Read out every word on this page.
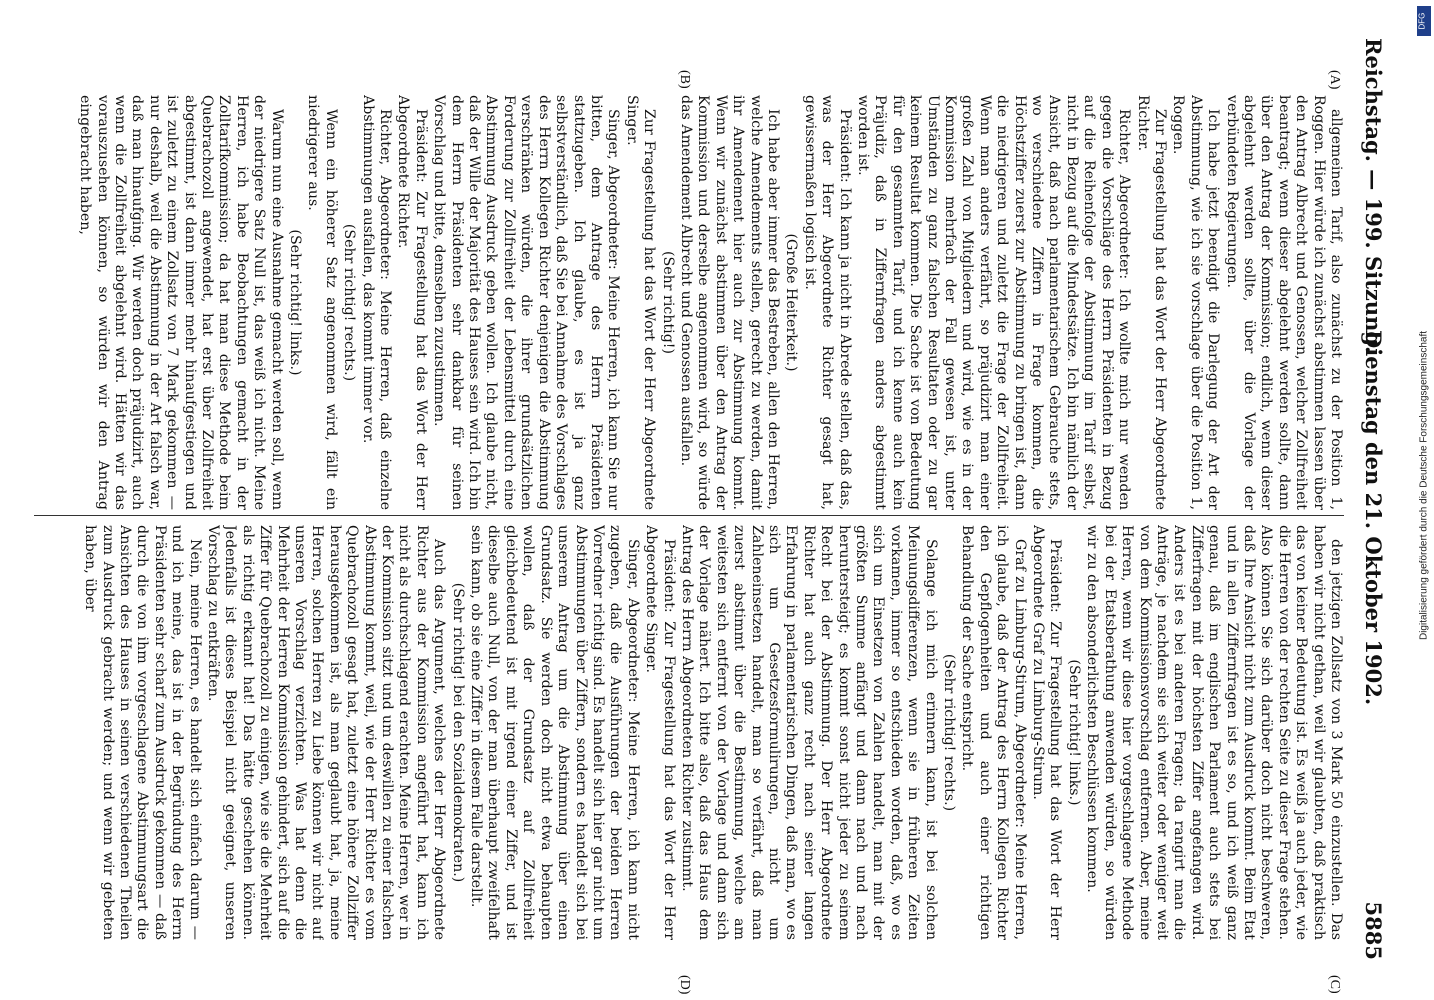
Reichstag. — 199. Sitzung.
Dienstag den 21. Oktober 1902.
5885
(A)
(B)
(C)
(D)

allgemeinen Tarif, also zunächst zu der Position 1, Roggen. Hier würde ich zunächst abstimmen lassen über den Antrag Albrecht und Genossen, welcher Zollfreiheit beantragt; wenn dieser abgelehnt werden sollte, dann über den Antrag der Kommission; endlich, wenn dieser abgelehnt werden sollte, über die Vorlage der verbündeten Regierungen.

Ich habe jetzt beendigt die Darlegung der Art der Abstimmung, wie ich sie vorschlage über die Position 1, Roggen.

Zur Fragestellung hat das Wort der Herr Abgeordnete Richter.

Richter, Abgeordneter: Ich wollte mich nur wenden gegen die Vorschläge des Herrn Präsidenten in Bezug auf die Reihenfolge der Abstimmung im Tarif selbst, nicht in Bezug auf die Mindestsätze. Ich bin nämlich der Ansicht, daß nach parlamentarischem Gebrauche stets, wo verschiedene Ziffern in Frage kommen, die Höchstziffer zuerst zur Abstimmung zu bringen ist, dann die niedrigeren und zuletzt die Frage der Zollfreiheit. Wenn man anders verfährt, so präjudizirt man einer großen Zahl von Mitgliedern und wird, wie es in der Kommission mehrfach der Fall gewesen ist, unter Umständen zu ganz falschen Resultaten oder zu gar keinem Resultat kommen. Die Sache ist von Bedeutung für den gesammten Tarif, und ich kenne auch kein Präjudiz, daß in Ziffernfragen anders abgestimmt worden ist.

Präsident: Ich kann ja nicht in Abrede stellen, daß das, was der Herr Abgeordnete Richter gesagt hat, gewissermaßen logisch ist.

(Große Heiterkeit.)

Ich habe aber immer das Bestreben, allen den Herren, welche Amendements stellen, gerecht zu werden, damit ihr Amendement hier auch zur Abstimmung kommt. Wenn wir zunächst abstimmen über den Antrag der Kommission und derselbe angenommen wird, so würde das Amendement Albrecht und Genossen ausfallen.

(Sehr richtig!)

Zur Fragestellung hat das Wort der Herr Abgeordnete Singer.

Singer, Abgeordneter: Meine Herren, ich kann Sie nur bitten, dem Antrage des Herrn Präsidenten stattzugeben. Ich glaube, es ist ja ganz selbstverständlich, daß Sie bei Annahme des Vorschlages des Herrn Kollegen Richter denjenigen die Abstimmung verschränken würden, die ihrer grundsätzlichen Forderung zur Zollfreiheit der Lebensmittel durch eine Abstimmung Ausdruck geben wollen. Ich glaube nicht, daß der Wille der Majorität des Hauses sein wird. Ich bin dem Herrn Präsidenten sehr dankbar für seinen Vorschlag und bitte, demselben zuzustimmen.

Präsident: Zur Fragestellung hat das Wort der Herr Abgeordnete Richter.

Richter, Abgeordneter: Meine Herren, daß einzelne Abstimmungen ausfallen, das kommt immer vor.

(Sehr richtig! rechts.)

Wenn ein höherer Satz angenommen wird, fällt ein niedrigerer aus.

(Sehr richtig! links.)

Warum nun eine Ausnahme gemacht werden soll, wenn der niedrigere Satz Null ist, das weiß ich nicht. Meine Herren, ich habe Beobachtungen gemacht in der Zolltarifkommission; da hat man diese Methode beim Quebrachozoll angewendet, hat erst über Zollfreiheit abgestimmt, ist dann immer mehr hinaufgestiegen und ist zuletzt zu einem Zollsatz von 7 Mark gekommen — nur deshalb, weil die Abstimmung in der Art falsch war, daß man hinaufging. Wir werden doch präjudizirt, auch wenn die Zollfreiheit abgelehnt wird. Hätten wir das vorauszusehen können, so würden wir den Antrag eingebracht haben,

den jetzigen Zollsatz von 3 Mark 50 einzustellen. Das haben wir nicht gethan, weil wir glaubten, daß praktisch das von keiner Bedeutung ist. Es weiß ja auch jeder, wie die Herren von der rechten Seite zu dieser Frage stehen. Also können Sie sich darüber doch nicht beschweren, daß Ihre Ansicht nicht zum Ausdruck kommt. Beim Etat und in allen Ziffernfragen ist es so, und ich weiß ganz genau, daß im englischen Parlament auch stets bei Zifferfragen mit der höchsten Ziffer angefangen wird. Anders ist es bei anderen Fragen; da rangirt man die Anträge, je nachdem sie sich weiter oder weniger weit von dem Kommissionsvorschlag entfernen. Aber, meine Herren, wenn wir diese hier vorgeschlagene Methode bei der Etatsberathung anwenden würden, so würden wir zu den absonderlichsten Beschlüssen kommen.

(Sehr richtig! links.)

Präsident: Zur Fragestellung hat das Wort der Herr Abgeordnete Graf zu Limburg-Stirum.

Graf zu Limburg-Stirum, Abgeordneter: Meine Herren, ich glaube, daß der Antrag des Herrn Kollegen Richter den Gepflogenheiten und auch einer richtigen Behandlung der Sache entspricht.

(Sehr richtig! rechts.)

Solange ich mich erinnern kann, ist bei solchen Meinungsdifferenzen, wenn sie in früheren Zeiten vorkamen, immer so entschieden worden, daß, wo es sich um Einsetzen von Zahlen handelt, man mit der größten Summe anfängt und dann nach und nach heruntersteigt; es kommt sonst nicht jeder zu seinem Recht bei der Abstimmung. Der Herr Abgeordnete Richter hat auch ganz recht nach seiner langen Erfahrung in parlamentarischen Dingen, daß man, wo es sich um Gesetzesformulirungen, nicht um Zahleneinsetzen handelt, man so verfährt, daß man zuerst abstimmt über die Bestimmung, welche am weitesten sich entfernt von der Vorlage und dann sich der Vorlage nähert. Ich bitte also, daß das Haus dem Antrag des Herrn Abgeordneten Richter zustimmt.

Präsident: Zur Fragestellung hat das Wort der Herr Abgeordnete Singer.

Singer, Abgeordneter: Meine Herren, ich kann nicht zugeben, daß die Ausführungen der beiden Herren Vorredner richtig sind. Es handelt sich hier gar nicht um Abstimmungen über Ziffern, sondern es handelt sich bei unserem Antrag um die Abstimmung über einen Grundsatz. Sie werden doch nicht etwa behaupten wollen, daß der Grundsatz auf Zollfreiheit gleichbedeutend ist mit irgend einer Ziffer, und ist dieselbe auch Null, von der man überhaupt zweifelhaft sein kann, ob sie eine Ziffer in diesem Falle darstellt.

(Sehr richtig! bei den Sozialdemokraten.)

Auch das Argument, welches der Herr Abgeordnete Richter aus der Kommission angeführt hat, kann ich nicht als durchschlagend erachten. Meine Herren, wer in der Kommission sitzt und um deswillen zu einer falschen Abstimmung kommt, weil, wie der Herr Richter es vom Quebrachozoll gesagt hat, zuletzt eine höhere Zollziffer herausgekommen ist, als man geglaubt hat, ja, meine Herren, solchen Herren zu Liebe können wir nicht auf unseren Vorschlag verzichten. Was hat denn die Mehrheit der Herren Kommission gehindert, sich auf die Ziffer für Quebrachozoll zu einigen, wie sie die Mehrheit als richtig erkannt hat! Das hätte geschehen können. Jedenfalls ist dieses Beispiel nicht geeignet, unseren Vorschlag zu entkräften.

Nein, meine Herren, es handelt sich einfach darum — und ich meine, das ist in der Begründung des Herrn Präsidenten sehr scharf zum Ausdruck gekommen — daß durch die von ihm vorgeschlagene Abstimmungsart die Ansichten des Hauses in seinen verschiedenen Theilen zum Ausdruck gebracht werden; und wenn wir gebeten haben, über

DFG
Digitalisierung gefördert durch die Deutsche Forschungsgemeinschaft
